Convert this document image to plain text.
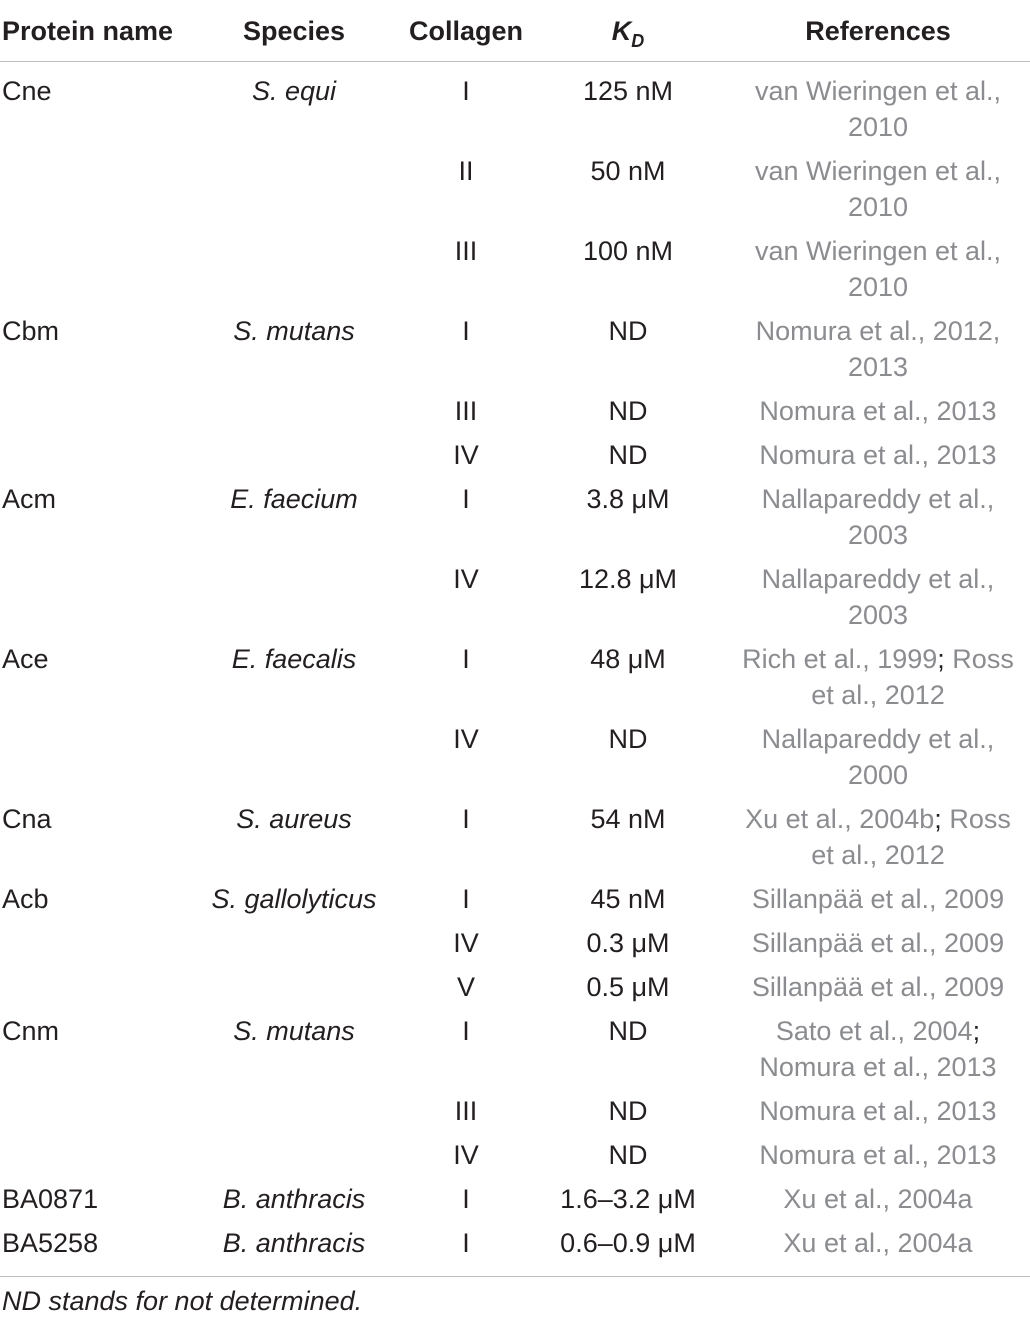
Protein name	Species	Collagen	$K_D$	References
Cne	S. equi	I	125 nM	van Wieringen et al.,
2010
II	50 nM	van Wieringen et al.,
2010
III	100 nM	van Wieringen et al.,
2010
Cbm	S. mutans	I	ND	Nomura et al., 2012,
2013
III	ND	Nomura et al., 2013
IV	ND	Nomura et al., 2013
Acm	E. faecium	I	3.8 μM	Nallapareddy et al.,
2003
IV	12.8 μM	Nallapareddy et al.,
2003
Ace	E. faecalis	I	48 μM	Rich et al., 1999; Ross
et al., 2012
IV	ND	Nallapareddy et al.,
2000
Cna	S. aureus	I	54 nM	Xu et al., 2004b; Ross
et al., 2012
Acb	S. gallolyticus	I	45 nM	Sillanpää et al., 2009
IV	0.3 μM	Sillanpää et al., 2009
V	0.5 μM	Sillanpää et al., 2009
Cnm	S. mutans	I	ND	Sato et al., 2004;
Nomura et al., 2013
III	ND	Nomura et al., 2013
IV	ND	Nomura et al., 2013
BA0871	B. anthracis	I	1.6–3.2 μM	Xu et al., 2004a
BA5258	B. anthracis	I	0.6–0.9 μM	Xu et al., 2004a
ND stands for not determined.
